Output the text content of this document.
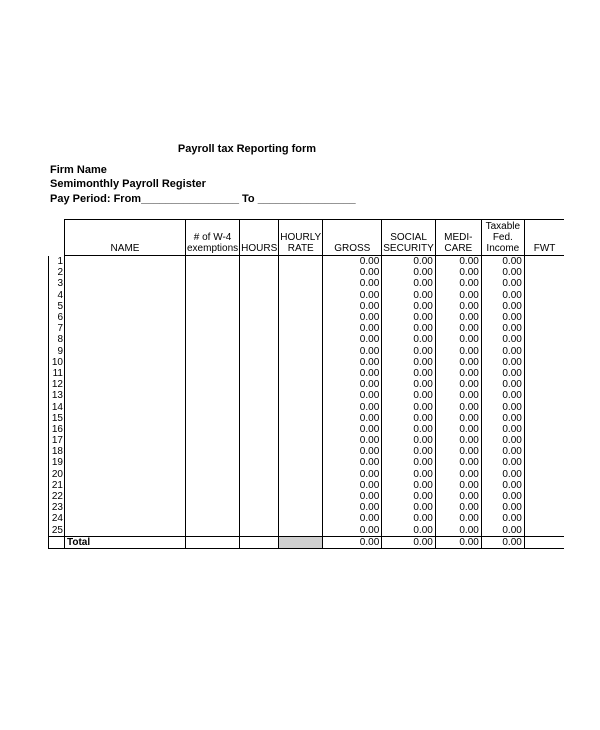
Payroll tax Reporting form
Firm Name
Semimonthly Payroll Register
Pay Period: From________________ To ________________
	NAME	# of W-4 exemptions	HOURS	HOURLY RATE	GROSS	SOCIAL SECURITY	MEDI- CARE	Taxable Fed. Income	FWT
1					0.00	0.00	0.00	0.00	
2					0.00	0.00	0.00	0.00	
3					0.00	0.00	0.00	0.00	
4					0.00	0.00	0.00	0.00	
5					0.00	0.00	0.00	0.00	
6					0.00	0.00	0.00	0.00	
7					0.00	0.00	0.00	0.00	
8					0.00	0.00	0.00	0.00	
9					0.00	0.00	0.00	0.00	
10					0.00	0.00	0.00	0.00	
11					0.00	0.00	0.00	0.00	
12					0.00	0.00	0.00	0.00	
13					0.00	0.00	0.00	0.00	
14					0.00	0.00	0.00	0.00	
15					0.00	0.00	0.00	0.00	
16					0.00	0.00	0.00	0.00	
17					0.00	0.00	0.00	0.00	
18					0.00	0.00	0.00	0.00	
19					0.00	0.00	0.00	0.00	
20					0.00	0.00	0.00	0.00	
21					0.00	0.00	0.00	0.00	
22					0.00	0.00	0.00	0.00	
23					0.00	0.00	0.00	0.00	
24					0.00	0.00	0.00	0.00	
25					0.00	0.00	0.00	0.00	
	Total				0.00	0.00	0.00	0.00	
